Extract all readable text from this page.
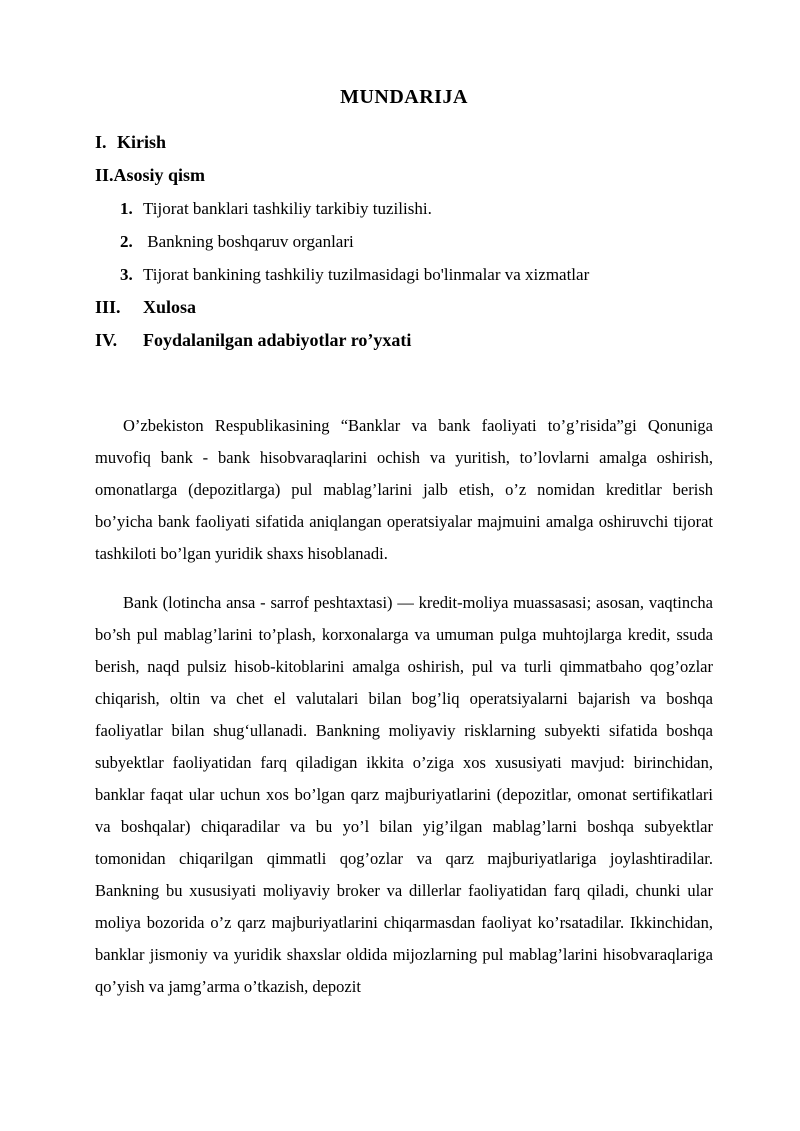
MUNDARIJA
I. Kirish
II.Asosiy qism
1. Tijorat banklari tashkiliy tarkibiy tuzilishi.
2. Bankning boshqaruv organlari
3. Tijorat bankining tashkiliy tuzilmasidagi bo'linmalar va xizmatlar
III. Xulosa
IV. Foydalanilgan adabiyotlar ro’yxati

O’zbekiston Respublikasining “Banklar va bank faoliyati to’g’risida”gi Qonuniga muvofiq bank - bank hisobvaraqlarini ochish va yuritish, to’lovlarni amalga oshirish, omonatlarga (depozitlarga) pul mablag’larini jalb etish, o’z nomidan kreditlar berish bo’yicha bank faoliyati sifatida aniqlangan operatsiyalar majmuini amalga oshiruvchi tijorat tashkiloti bo’lgan yuridik shaxs hisoblanadi.

Bank (lotincha ansa - sarrof peshtaxtasi) — kredit-moliya muassasasi; asosan, vaqtincha bo’sh pul mablag’larini to’plash, korxonalarga va umuman pulga muhtojlarga kredit, ssuda berish, naqd pulsiz hisob-kitoblarini amalga oshirish, pul va turli qimmatbaho qog’ozlar chiqarish, oltin va chet el valutalari bilan bog’liq operatsiyalarni bajarish va boshqa faoliyatlar bilan shug‘ullanadi. Bankning moliyaviy risklarning subyekti sifatida boshqa subyektlar faoliyatidan farq qiladigan ikkita o’ziga xos xususiyati mavjud: birinchidan, banklar faqat ular uchun xos bo’lgan qarz majburiyatlarini (depozitlar, omonat sertifikatlari va boshqalar) chiqaradilar va bu yo’l bilan yig’ilgan mablag’larni boshqa subyektlar tomonidan chiqarilgan qimmatli qog’ozlar va qarz majburiyatlariga joylashtiradilar. Bankning bu xususiyati moliyaviy broker va dillerlar faoliyatidan farq qiladi, chunki ular moliya bozorida o’z qarz majburiyatlarini chiqarmasdan faoliyat ko’rsatadilar. Ikkinchidan, banklar jismoniy va yuridik shaxslar oldida mijozlarning pul mablag’larini hisobvaraqlariga qo’yish va jamg’arma o’tkazish, depozit
